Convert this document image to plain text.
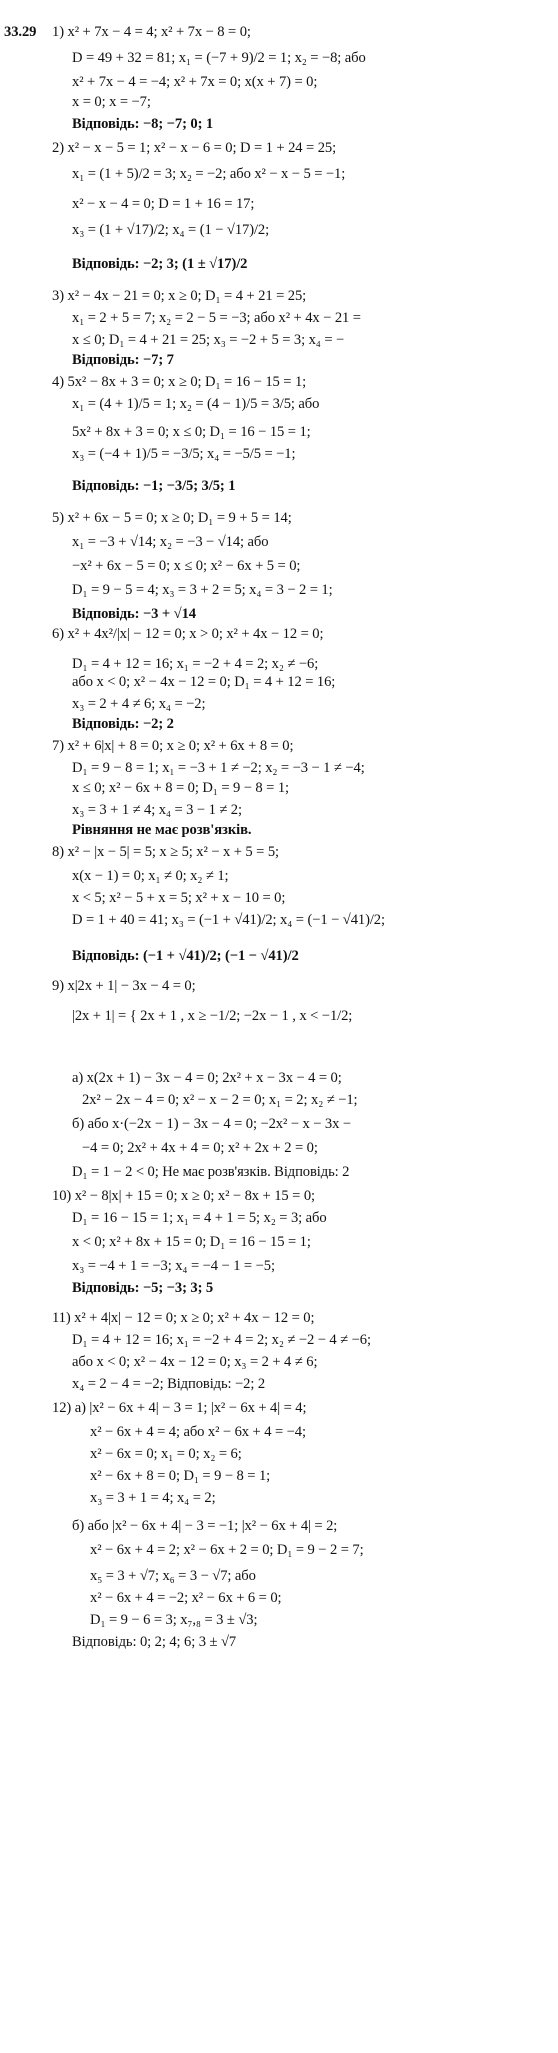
33.29 1) x² + 7x − 4 = 4; x² + 7x − 8 = 0;
D = 49 + 32 = 81; x₁ = (−7 + 9)/2 = 1; x₂ = −8; або
x² + 7x − 4 = −4; x² + 7x = 0; x(x + 7) = 0;
x = 0; x = −7;
Відповідь: −8; −7; 0; 1
2) x² − x − 5 = 1; x² − x − 6 = 0; D = 1 + 24 = 25;
x₁ = (1 + 5)/2 = 3; x₂ = −2; або x² − x − 5 = −1;
x² − x − 4 = 0; D = 1 + 16 = 17;
x₃ = (1 + √17)/2; x₄ = (1 − √17)/2;
Відповідь: −2; 3; (1 ± √17)/2
3) x² − 4x − 21 = 0; x ≥ 0; D₁ = 4 + 21 = 25;
x₁ = 2 + 5 = 7; x₂ = 2 − 5 = −3; або x² + 4x − 21 =
x ≤ 0; D₁ = 4 + 21 = 25; x₃ = −2 + 5 = 3; x₄ = −
Відповідь: −7; 7
4) 5x² − 8x + 3 = 0; x ≥ 0; D₁ = 16 − 15 = 1;
x₁ = (4 + 1)/5 = 1; x₂ = (4 − 1)/5 = 3/5; або
5x² + 8x + 3 = 0; x ≤ 0; D₁ = 16 − 15 = 1;
x₃ = (−4 + 1)/5 = −3/5; x₄ = −5/5 = −1;
Відповідь: −1; −3/5; 3/5; 1
5) x² + 6x − 5 = 0; x ≥ 0; D₁ = 9 + 5 = 14;
x₁ = −3 + √14; x₂ = −3 − √14; або
−x² + 6x − 5 = 0; x ≤ 0; x² − 6x + 5 = 0;
D₁ = 9 − 5 = 4; x₃ = 3 + 2 = 5; x₄ = 3 − 2 = 1;
Відповідь: −3 + √14
6) x² + 4x²/|x| − 12 = 0; x > 0; x² + 4x − 12 = 0;
D₁ = 4 + 12 = 16; x₁ = −2 + 4 = 2; x₂ ≠ −6;
або x < 0; x² − 4x − 12 = 0; D₁ = 4 + 12 = 16;
x₃ = 2 + 4 ≠ 6; x₄ = −2;
Відповідь: −2; 2
7) x² + 6|x| + 8 = 0; x ≥ 0; x² + 6x + 8 = 0;
D₁ = 9 − 8 = 1; x₁ = −3 + 1 ≠ −2; x₂ = −3 − 1 ≠ −4;
x ≤ 0; x² − 6x + 8 = 0; D₁ = 9 − 8 = 1;
x₃ = 3 + 1 ≠ 4; x₄ = 3 − 1 ≠ 2;
Рівняння не має розв'язків.
8) x² − |x − 5| = 5; x ≥ 5; x² − x + 5 = 5;
x(x − 1) = 0; x₁ ≠ 0; x₂ ≠ 1;
x < 5; x² − 5 + x = 5; x² + x − 10 = 0;
D = 1 + 40 = 41; x₃ = (−1 + √41)/2; x₄ = (−1 − √41)/2;
Відповідь: (−1 + √41)/2; (−1 − √41)/2
9) x|2x + 1| − 3x − 4 = 0;
|2x + 1| = { 2x + 1 , x ≥ −1/2; −2x − 1 , x < −1/2;
а) x(2x + 1) − 3x − 4 = 0; 2x² + x − 3x − 4 = 0;
2x² − 2x − 4 = 0; x² − x − 2 = 0; x₁ = 2; x₂ ≠ −1;
б) або x·(−2x − 1) − 3x − 4 = 0; −2x² − x − 3x −
−4 = 0; 2x² + 4x + 4 = 0; x² + 2x + 2 = 0;
D₁ = 1 − 2 < 0; Не має розв'язків. Відповідь: 2
10) x² − 8|x| + 15 = 0; x ≥ 0; x² − 8x + 15 = 0;
D₁ = 16 − 15 = 1; x₁ = 4 + 1 = 5; x₂ = 3; або
x < 0; x² + 8x + 15 = 0; D₁ = 16 − 15 = 1;
x₃ = −4 + 1 = −3; x₄ = −4 − 1 = −5;
Відповідь: −5; −3; 3; 5
11) x² + 4|x| − 12 = 0; x ≥ 0; x² + 4x − 12 = 0;
D₁ = 4 + 12 = 16; x₁ = −2 + 4 = 2; x₂ ≠ −2 − 4 ≠ −6;
або x < 0; x² − 4x − 12 = 0; x₃ = 2 + 4 ≠ 6;
x₄ = 2 − 4 = −2; Відповідь: −2; 2
12) а) |x² − 6x + 4| − 3 = 1; |x² − 6x + 4| = 4;
x² − 6x + 4 = 4; або x² − 6x + 4 = −4;
x² − 6x = 0; x₁ = 0; x₂ = 6;
x² − 6x + 8 = 0; D₁ = 9 − 8 = 1;
x₃ = 3 + 1 = 4; x₄ = 2;
б) або |x² − 6x + 4| − 3 = −1; |x² − 6x + 4| = 2;
x² − 6x + 4 = 2; x² − 6x + 2 = 0; D₁ = 9 − 2 = 7;
x₅ = 3 + √7; x₆ = 3 − √7; або
x² − 6x + 4 = −2; x² − 6x + 6 = 0;
D₁ = 9 − 6 = 3; x₇,₈ = 3 ± √3;
Відповідь: 0; 2; 4; 6; 3 ± √7
